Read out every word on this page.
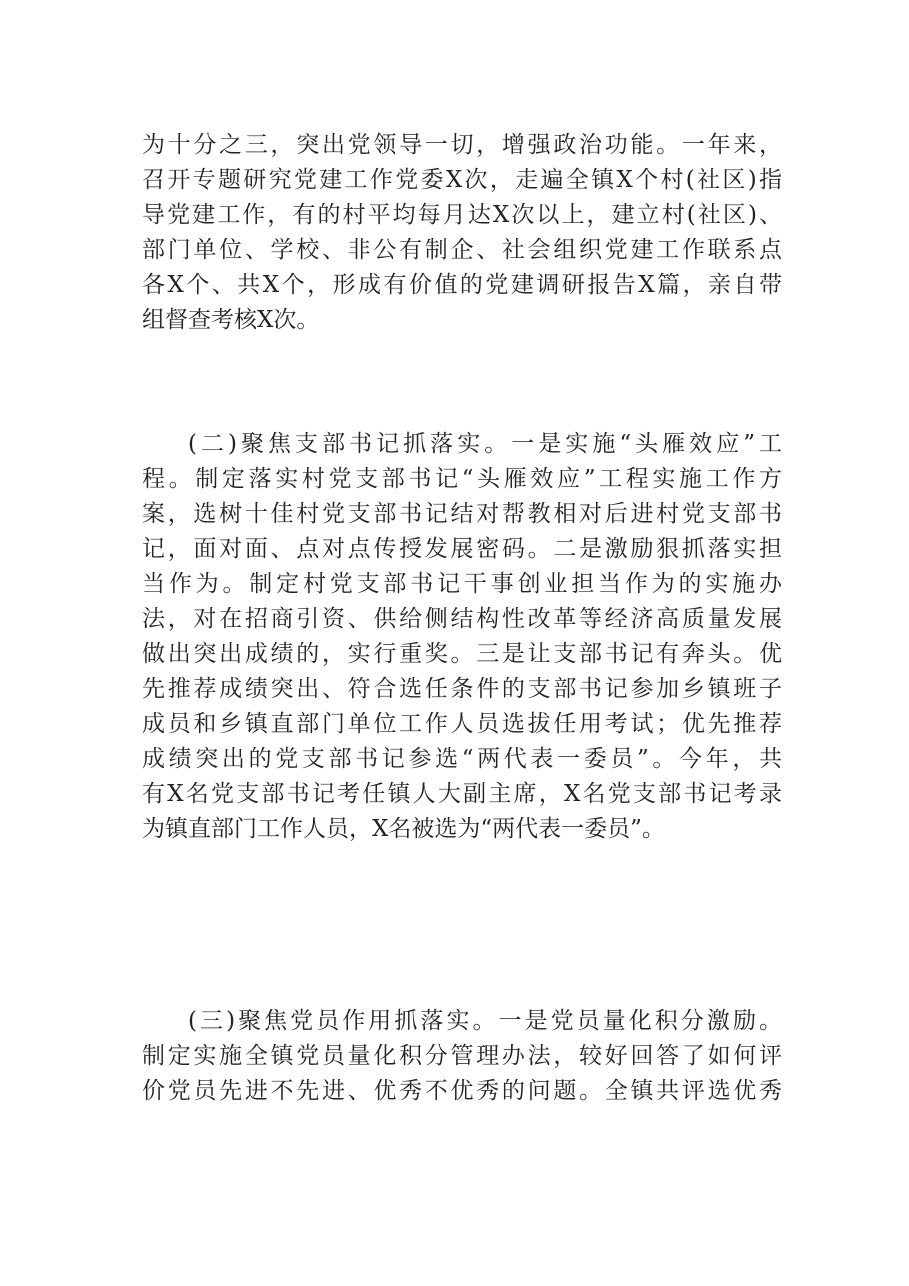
为十分之三，突出党领导一切，增强政治功能。一年来，
召开专题研究党建工作党委X次，走遍全镇X个村(社区)指
导党建工作，有的村平均每月达X次以上，建立村(社区)、
部门单位、学校、非公有制企、社会组织党建工作联系点
各X个、共X个，形成有价值的党建调研报告X篇，亲自带
组督查考核X次。
(二)聚焦支部书记抓落实。一是实施“头雁效应”工
程。制定落实村党支部书记“头雁效应”工程实施工作方
案，选树十佳村党支部书记结对帮教相对后进村党支部书
记，面对面、点对点传授发展密码。二是激励狠抓落实担
当作为。制定村党支部书记干事创业担当作为的实施办
法，对在招商引资、供给侧结构性改革等经济高质量发展
做出突出成绩的，实行重奖。三是让支部书记有奔头。优
先推荐成绩突出、符合选任条件的支部书记参加乡镇班子
成员和乡镇直部门单位工作人员选拔任用考试；优先推荐
成绩突出的党支部书记参选“两代表一委员”。今年，共
有X名党支部书记考任镇人大副主席，X名党支部书记考录
为镇直部门工作人员，X名被选为“两代表一委员”。
(三)聚焦党员作用抓落实。一是党员量化积分激励。
制定实施全镇党员量化积分管理办法，较好回答了如何评
价党员先进不先进、优秀不优秀的问题。全镇共评选优秀
